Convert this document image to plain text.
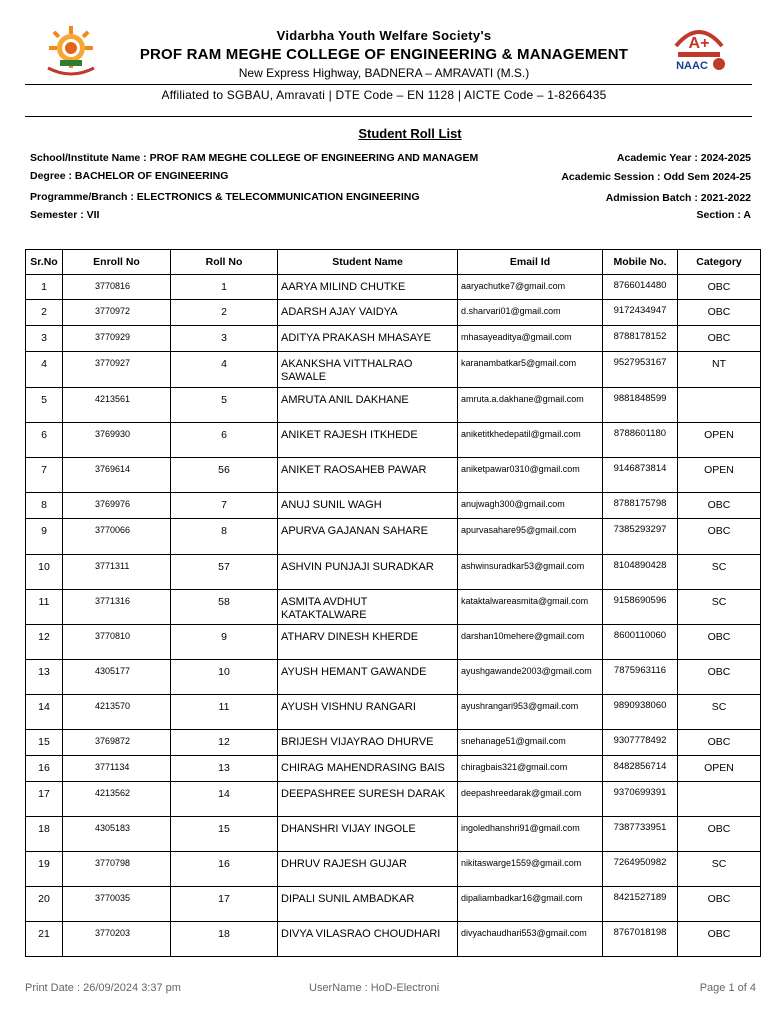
Vidarbha Youth Welfare Society's
PROF RAM MEGHE COLLEGE OF ENGINEERING & MANAGEMENT
New Express Highway, BADNERA – AMRAVATI (M.S.)
A+
NAAC
Affiliated to SGBAU, Amravati | DTE Code – EN 1128 | AICTE Code – 1-8266435
Student Roll List
School/Institute Name : PROF RAM MEGHE COLLEGE OF ENGINEERING AND MANAGEM
Degree : BACHELOR OF ENGINEERING
Programme/Branch : ELECTRONICS & TELECOMMUNICATION ENGINEERING
Semester : VII
Academic Year : 2024-2025
Academic Session : Odd Sem 2024-25
Admission Batch : 2021-2022
Section : A
Sr.No	Enroll No	Roll No	Student Name	Email Id	Mobile No.	Category
1	3770816	1	AARYA MILIND CHUTKE	aaryachutke7@gmail.com	8766014480	OBC
2	3770972	2	ADARSH AJAY VAIDYA	d.sharvari01@gmail.com	9172434947	OBC
3	3770929	3	ADITYA PRAKASH MHASAYE	mhasayeaditya@gmail.com	8788178152	OBC
4	3770927	4	AKANKSHA VITTHALRAO SAWALE	karanambatkar5@gmail.com	9527953167	NT
5	4213561	5	AMRUTA ANIL DAKHANE	amruta.a.dakhane@gmail.com	9881848599	
6	3769930	6	ANIKET RAJESH ITKHEDE	aniketitkhedepatil@gmail.com	8788601180	OPEN
7	3769614	56	ANIKET RAOSAHEB PAWAR	aniketpawar0310@gmail.com	9146873814	OPEN
8	3769976	7	ANUJ SUNIL WAGH	anujwagh300@gmail.com	8788175798	OBC
9	3770066	8	APURVA GAJANAN SAHARE	apurvasahare95@gmail.com	7385293297	OBC
10	3771311	57	ASHVIN PUNJAJI SURADKAR	ashwinsuradkar53@gmail.com	8104890428	SC
11	3771316	58	ASMITA AVDHUT KATAKTALWARE	kataktalwareasmita@gmail.com	9158690596	SC
12	3770810	9	ATHARV DINESH KHERDE	darshan10mehere@gmail.com	8600110060	OBC
13	4305177	10	AYUSH HEMANT GAWANDE	ayushgawande2003@gmail.com	7875963116	OBC
14	4213570	11	AYUSH VISHNU RANGARI	ayushrangari953@gmail.com	9890938060	SC
15	3769872	12	BRIJESH VIJAYRAO DHURVE	snehanage51@gmail.com	9307778492	OBC
16	3771134	13	CHIRAG MAHENDRASING BAIS	chiragbais321@gmail.com	8482856714	OPEN
17	4213562	14	DEEPASHREE SURESH DARAK	deepashreedarak@gmail.com	9370699391	
18	4305183	15	DHANSHRI VIJAY INGOLE	ingoledhanshri91@gmail.com	7387733951	OBC
19	3770798	16	DHRUV RAJESH GUJAR	nikitaswarge1559@gmail.com	7264950982	SC
20	3770035	17	DIPALI SUNIL AMBADKAR	dipaliambadkar16@gmail.com	8421527189	OBC
21	3770203	18	DIVYA VILASRAO CHOUDHARI	divyachaudhari553@gmail.com	8767018198	OBC
Print Date : 26/09/2024 3:37 pm	UserName : HoD-Electroni	Page 1 of 4
